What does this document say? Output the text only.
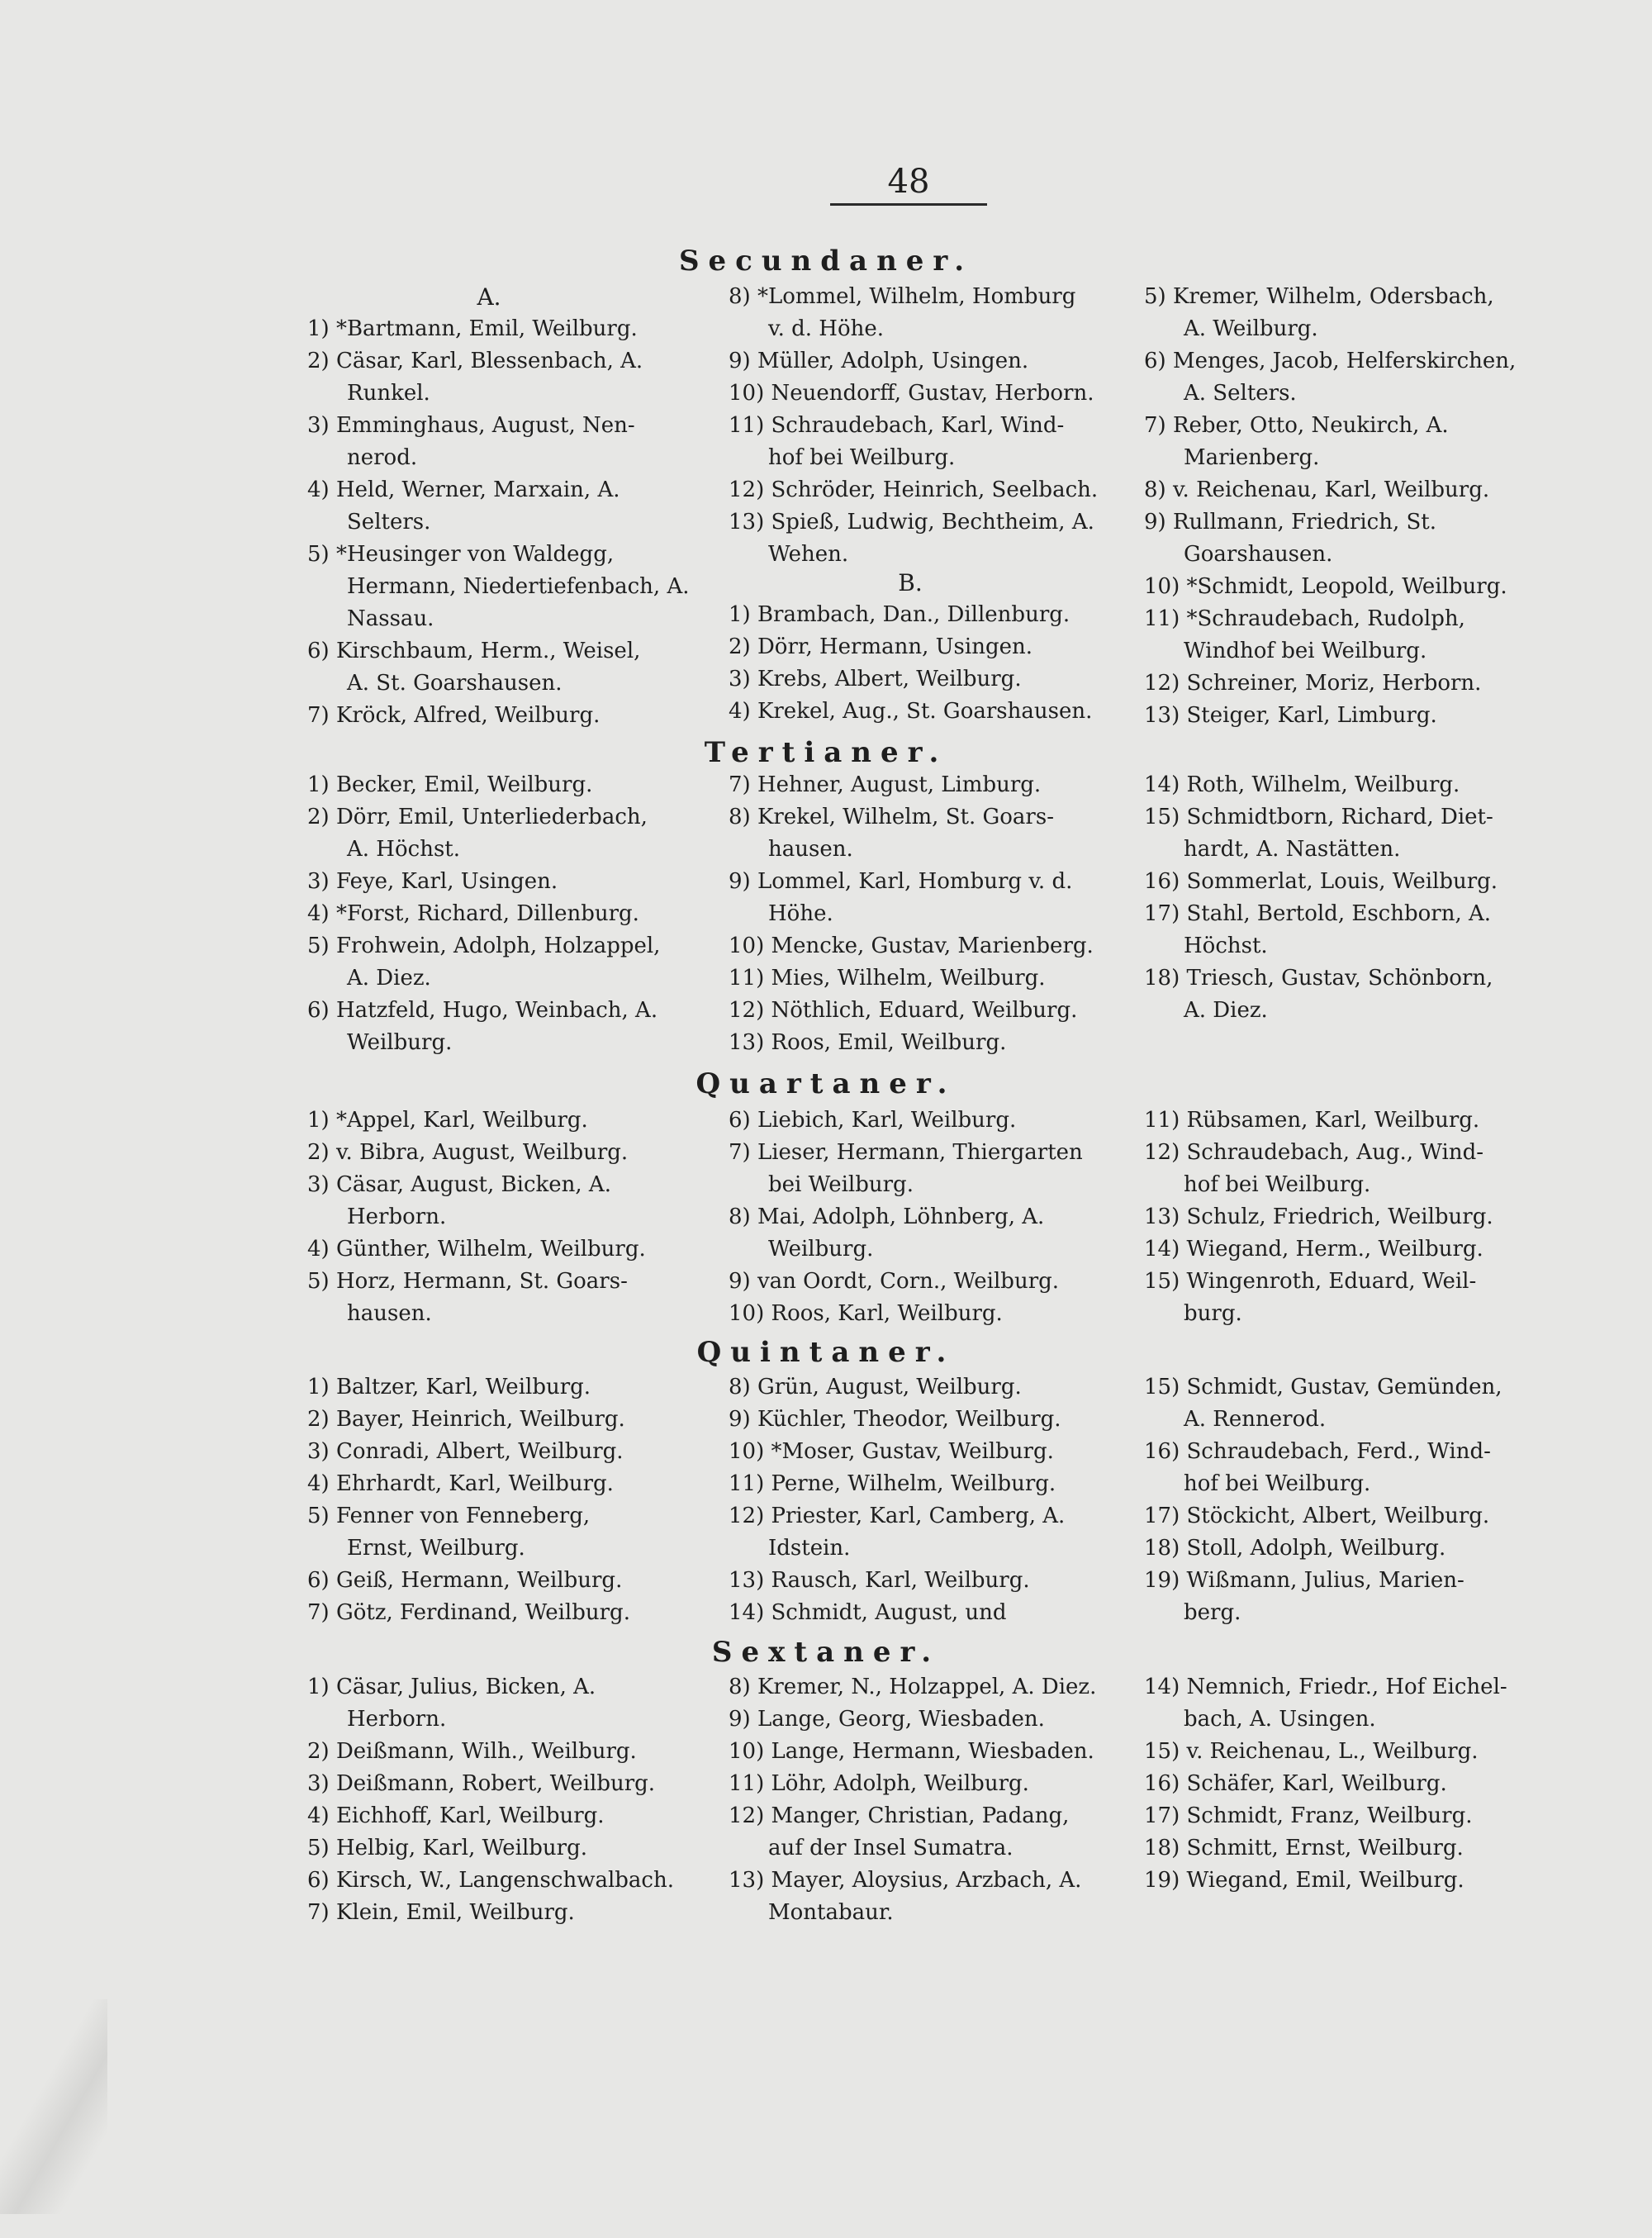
48
Secundaner.
A.
1) *Bartmann, Emil, Weilburg.
2) Cäsar, Karl, Blessenbach, A.
Runkel.
3) Emminghaus, August, Nen-
nerod.
4) Held, Werner, Marxain, A.
Selters.
5) *Heusinger von Waldegg,
Hermann, Niedertiefenbach, A.
Nassau.
6) Kirschbaum, Herm., Weisel,
A. St. Goarshausen.
7) Kröck, Alfred, Weilburg.
8) *Lommel, Wilhelm, Homburg
v. d. Höhe.
9) Müller, Adolph, Usingen.
10) Neuendorff, Gustav, Herborn.
11) Schraudebach, Karl, Wind-
hof bei Weilburg.
12) Schröder, Heinrich, Seelbach.
13) Spieß, Ludwig, Bechtheim, A.
Wehen.
B.
1) Brambach, Dan., Dillenburg.
2) Dörr, Hermann, Usingen.
3) Krebs, Albert, Weilburg.
4) Krekel, Aug., St. Goarshausen.
5) Kremer, Wilhelm, Odersbach,
A. Weilburg.
6) Menges, Jacob, Helferskirchen,
A. Selters.
7) Reber, Otto, Neukirch, A.
Marienberg.
8) v. Reichenau, Karl, Weilburg.
9) Rullmann, Friedrich, St.
Goarshausen.
10) *Schmidt, Leopold, Weilburg.
11) *Schraudebach, Rudolph,
Windhof bei Weilburg.
12) Schreiner, Moriz, Herborn.
13) Steiger, Karl, Limburg.
Tertianer.
1) Becker, Emil, Weilburg.
2) Dörr, Emil, Unterliederbach,
A. Höchst.
3) Feye, Karl, Usingen.
4) *Forst, Richard, Dillenburg.
5) Frohwein, Adolph, Holzappel,
A. Diez.
6) Hatzfeld, Hugo, Weinbach, A.
Weilburg.
7) Hehner, August, Limburg.
8) Krekel, Wilhelm, St. Goars-
hausen.
9) Lommel, Karl, Homburg v. d.
Höhe.
10) Mencke, Gustav, Marienberg.
11) Mies, Wilhelm, Weilburg.
12) Nöthlich, Eduard, Weilburg.
13) Roos, Emil, Weilburg.
14) Roth, Wilhelm, Weilburg.
15) Schmidtborn, Richard, Diet-
hardt, A. Nastätten.
16) Sommerlat, Louis, Weilburg.
17) Stahl, Bertold, Eschborn, A.
Höchst.
18) Triesch, Gustav, Schönborn,
A. Diez.
Quartaner.
1) *Appel, Karl, Weilburg.
2) v. Bibra, August, Weilburg.
3) Cäsar, August, Bicken, A.
Herborn.
4) Günther, Wilhelm, Weilburg.
5) Horz, Hermann, St. Goars-
hausen.
6) Liebich, Karl, Weilburg.
7) Lieser, Hermann, Thiergarten
bei Weilburg.
8) Mai, Adolph, Löhnberg, A.
Weilburg.
9) van Oordt, Corn., Weilburg.
10) Roos, Karl, Weilburg.
11) Rübsamen, Karl, Weilburg.
12) Schraudebach, Aug., Wind-
hof bei Weilburg.
13) Schulz, Friedrich, Weilburg.
14) Wiegand, Herm., Weilburg.
15) Wingenroth, Eduard, Weil-
burg.
Quintaner.
1) Baltzer, Karl, Weilburg.
2) Bayer, Heinrich, Weilburg.
3) Conradi, Albert, Weilburg.
4) Ehrhardt, Karl, Weilburg.
5) Fenner von Fenneberg,
Ernst, Weilburg.
6) Geiß, Hermann, Weilburg.
7) Götz, Ferdinand, Weilburg.
8) Grün, August, Weilburg.
9) Küchler, Theodor, Weilburg.
10) *Moser, Gustav, Weilburg.
11) Perne, Wilhelm, Weilburg.
12) Priester, Karl, Camberg, A.
Idstein.
13) Rausch, Karl, Weilburg.
14) Schmidt, August, und
15) Schmidt, Gustav, Gemünden,
A. Rennerod.
16) Schraudebach, Ferd., Wind-
hof bei Weilburg.
17) Stöckicht, Albert, Weilburg.
18) Stoll, Adolph, Weilburg.
19) Wißmann, Julius, Marien-
berg.
Sextaner.
1) Cäsar, Julius, Bicken, A.
Herborn.
2) Deißmann, Wilh., Weilburg.
3) Deißmann, Robert, Weilburg.
4) Eichhoff, Karl, Weilburg.
5) Helbig, Karl, Weilburg.
6) Kirsch, W., Langenschwalbach.
7) Klein, Emil, Weilburg.
8) Kremer, N., Holzappel, A. Diez.
9) Lange, Georg, Wiesbaden.
10) Lange, Hermann, Wiesbaden.
11) Löhr, Adolph, Weilburg.
12) Manger, Christian, Padang,
auf der Insel Sumatra.
13) Mayer, Aloysius, Arzbach, A.
Montabaur.
14) Nemnich, Friedr., Hof Eichel-
bach, A. Usingen.
15) v. Reichenau, L., Weilburg.
16) Schäfer, Karl, Weilburg.
17) Schmidt, Franz, Weilburg.
18) Schmitt, Ernst, Weilburg.
19) Wiegand, Emil, Weilburg.
